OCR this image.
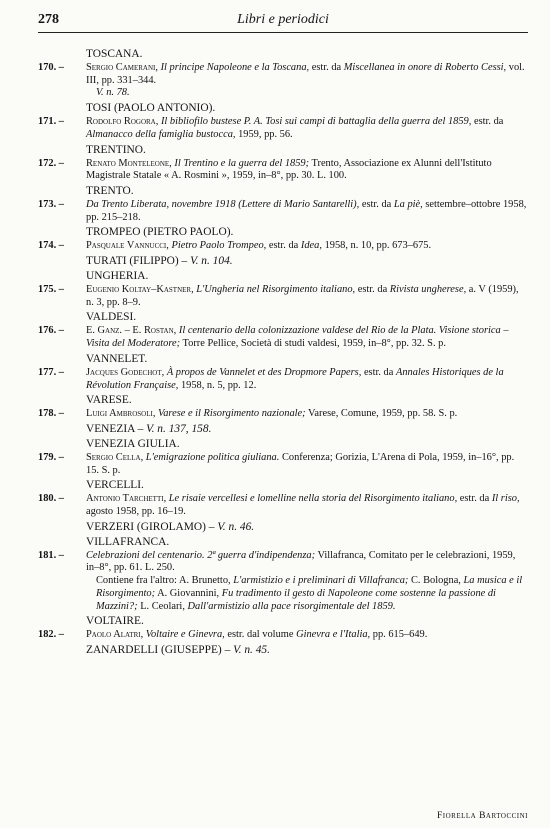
278	Libri e periodici
TOSCANA.
170. –	Sergio Camerani, Il principe Napoleone e la Toscana, estr. da Miscellanea in onore di Roberto Cessi, vol. III, pp. 331–344.
V. n. 78.
TOSI (PAOLO ANTONIO).
171. –	Rodolfo Rogora, Il bibliofilo bustese P. A. Tosi sui campi di battaglia della guerra del 1859, estr. da Almanacco della famiglia bustocca, 1959, pp. 56.
TRENTINO.
172. –	Renato Monteleone, Il Trentino e la guerra del 1859; Trento, Associazione ex Alunni dell'Istituto Magistrale Statale « A. Rosmini », 1959, in–8°, pp. 30. L. 100.
TRENTO.
173. –	Da Trento Liberata, novembre 1918 (Lettere di Mario Santarelli), estr. da La piè, settembre–ottobre 1958, pp. 215–218.
TROMPEO (PIETRO PAOLO).
174. –	Pasquale Vannucci, Pietro Paolo Trompeo, estr. da Idea, 1958, n. 10, pp. 673–675.
TURATI (FILIPPO) – V. n. 104.
UNGHERIA.
175. –	Eugenio Koltay–Kastner, L'Ungheria nel Risorgimento italiano, estr. da Rivista ungherese, a. V (1959), n. 3, pp. 8–9.
VALDESI.
176. –	E. Ganz. – E. Rostan, Il centenario della colonizzazione valdese del Rio de la Plata. Visione storica – Visita del Moderatore; Torre Pellice, Società di studi valdesi, 1959, in–8°, pp. 32. S. p.
VANNELET.
177. –	Jacques Godechot, À propos de Vannelet et des Dropmore Papers, estr. da Annales Historiques de la Révolution Française, 1958, n. 5, pp. 12.
VARESE.
178. –	Luigi Ambrosoli, Varese e il Risorgimento nazionale; Varese, Comune, 1959, pp. 58. S. p.
VENEZIA – V. n. 137, 158.
VENEZIA GIULIA.
179. –	Sergio Cella, L'emigrazione politica giuliana. Conferenza; Gorizia, L'Arena di Pola, 1959, in–16°, pp. 15. S. p.
VERCELLI.
180. –	Antonio Tarchetti, Le risaie vercellesi e lomelline nella storia del Risorgimento italiano, estr. da Il riso, agosto 1958, pp. 16–19.
VERZERI (GIROLAMO) – V. n. 46.
VILLAFRANCA.
181. –	Celebrazioni del centenario. 2ª guerra d'indipendenza; Villafranca, Comitato per le celebrazioni, 1959, in–8°, pp. 61. L. 250.
Contiene fra l'altro: A. Brunetto, L'armistizio e i preliminari di Villafranca; C. Bologna, La musica e il Risorgimento; A. Giovannini, Fu tradimento il gesto di Napoleone come sostenne la passione di Mazzini?; L. Ceolari, Dall'armistizio alla pace risorgimentale del 1859.
VOLTAIRE.
182. –	Paolo Alatri, Voltaire e Ginevra, estr. dal volume Ginevra e l'Italia, pp. 615–649.
ZANARDELLI (GIUSEPPE) – V. n. 45.
Fiorella Bartoccini
